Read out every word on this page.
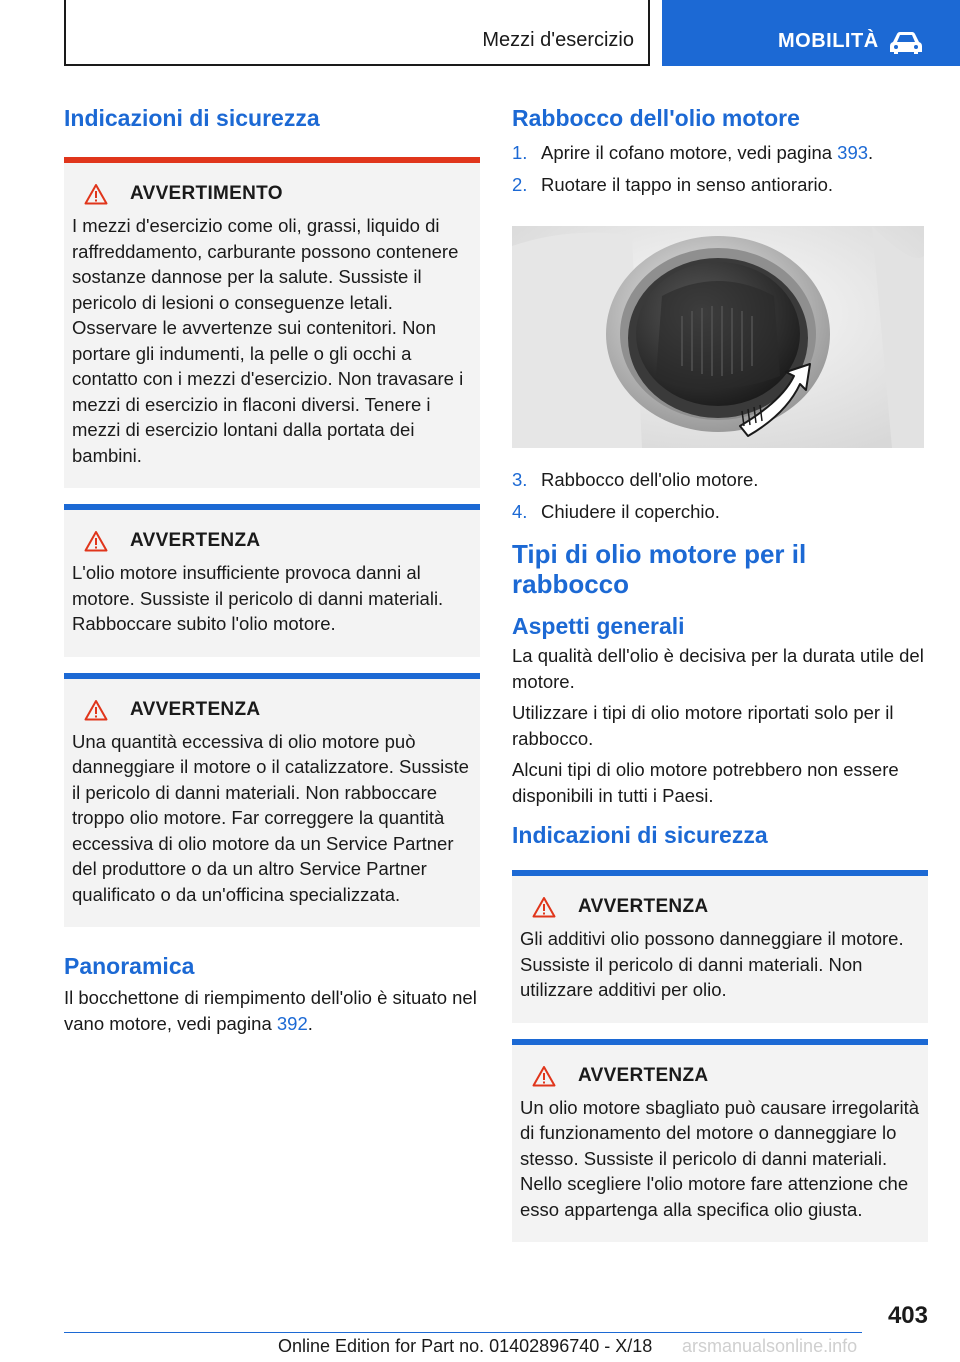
Mezzi d'esercizio	MOBILITÀ
Indicazioni di sicurezza
AVVERTIMENTO

I mezzi d'esercizio come oli, grassi, liquido di raffreddamento, carburante possono contenere sostanze dannose per la salute. Sussiste il pericolo di lesioni o conseguenze letali. Osservare le avvertenze sui contenitori. Non portare gli indumenti, la pelle o gli occhi a contatto con i mezzi d'esercizio. Non travasare i mezzi di esercizio in flaconi diversi. Tenere i mezzi di esercizio lontani dalla portata dei bambini.

AVVERTENZA

L'olio motore insufficiente provoca danni al motore. Sussiste il pericolo di danni materiali. Rabboccare subito l'olio motore.

AVVERTENZA

Una quantità eccessiva di olio motore può danneggiare il motore o il catalizzatore. Sussiste il pericolo di danni materiali. Non rabboccare troppo olio motore. Far correggere la quantità eccessiva di olio motore da un Service Partner del produttore o da un altro Service Partner qualificato o da un'officina specializzata.

Panoramica

Il bocchettone di riempimento dell'olio è situato nel vano motore, vedi pagina 392.

Rabbocco dell'olio motore
1. Aprire il cofano motore, vedi pagina 393.
2. Ruotare il tappo in senso antiorario.
3. Rabbocco dell'olio motore.
4. Chiudere il coperchio.
Tipi di olio motore per il rabbocco
Aspetti generali

La qualità dell'olio è decisiva per la durata utile del motore.

Utilizzare i tipi di olio motore riportati solo per il rabbocco.

Alcuni tipi di olio motore potrebbero non essere disponibili in tutti i Paesi.

Indicazioni di sicurezza
AVVERTENZA

Gli additivi olio possono danneggiare il motore. Sussiste il pericolo di danni materiali. Non utilizzare additivi per olio.

AVVERTENZA

Un olio motore sbagliato può causare irregolarità di funzionamento del motore o danneggiare lo stesso. Sussiste il pericolo di danni materiali. Nello scegliere l'olio motore fare attenzione che esso appartenga alla specifica olio giusta.

403
Online Edition for Part no. 01402896740 - X/18 arsmanualsonline.info
